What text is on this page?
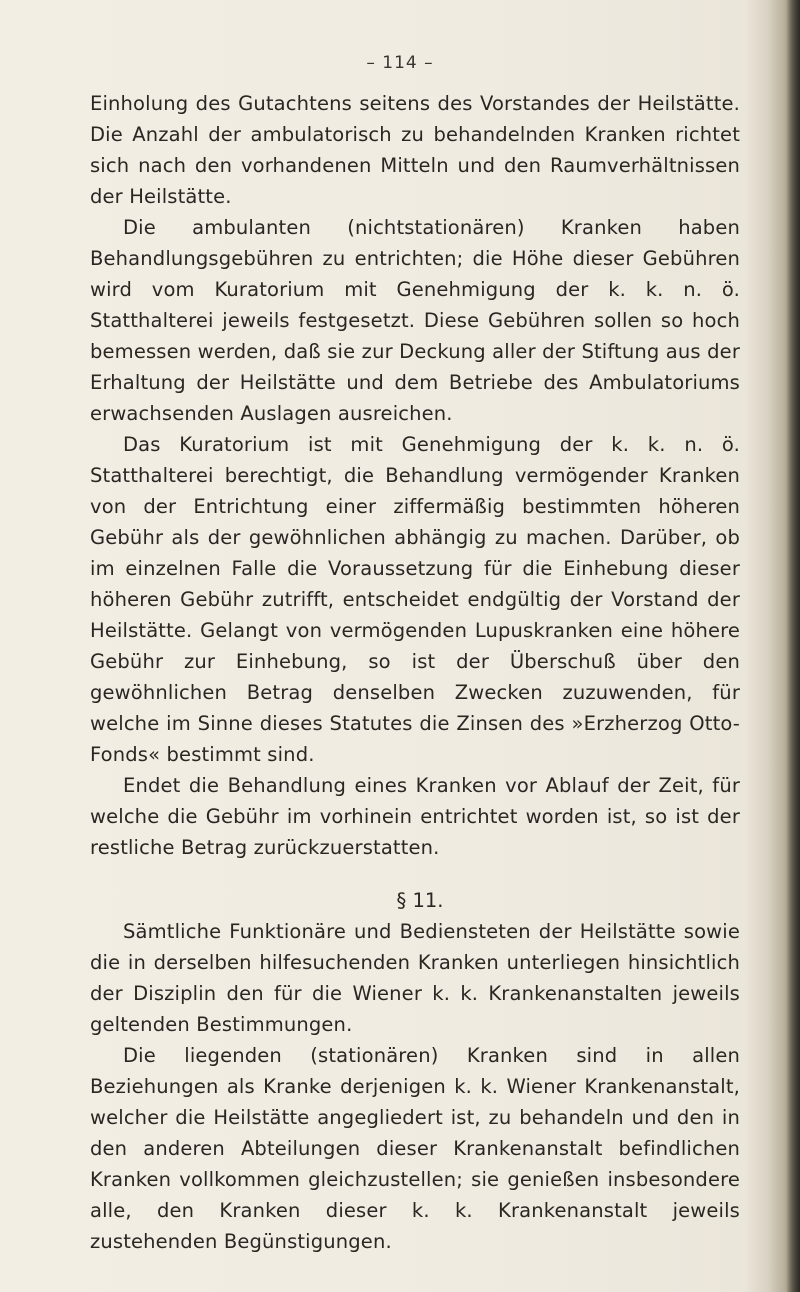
– 114 –

Einholung des Gutachtens seitens des Vorstandes der Heilstätte. Die Anzahl der ambulatorisch zu behandelnden Kranken richtet sich nach den vorhandenen Mitteln und den Raumverhältnissen der Heilstätte.

Die ambulanten (nichtstationären) Kranken haben Behandlungsgebühren zu entrichten; die Höhe dieser Gebühren wird vom Kuratorium mit Genehmigung der k. k. n. ö. Statthalterei jeweils festgesetzt. Diese Gebühren sollen so hoch bemessen werden, daß sie zur Deckung aller der Stiftung aus der Erhaltung der Heilstätte und dem Betriebe des Ambulatoriums erwachsenden Auslagen ausreichen.

Das Kuratorium ist mit Genehmigung der k. k. n. ö. Statthalterei berechtigt, die Behandlung vermögender Kranken von der Entrichtung einer ziffermäßig bestimmten höheren Gebühr als der gewöhnlichen abhängig zu machen. Darüber, ob im einzelnen Falle die Voraussetzung für die Einhebung dieser höheren Gebühr zutrifft, entscheidet endgültig der Vorstand der Heilstätte. Gelangt von vermögenden Lupuskranken eine höhere Gebühr zur Einhebung, so ist der Überschuß über den gewöhnlichen Betrag denselben Zwecken zuzuwenden, für welche im Sinne dieses Statutes die Zinsen des »Erzherzog Otto-Fonds« bestimmt sind.

Endet die Behandlung eines Kranken vor Ablauf der Zeit, für welche die Gebühr im vorhinein entrichtet worden ist, so ist der restliche Betrag zurückzuerstatten.

§ 11.

Sämtliche Funktionäre und Bediensteten der Heilstätte sowie die in derselben hilfesuchenden Kranken unterliegen hinsichtlich der Disziplin den für die Wiener k. k. Krankenanstalten jeweils geltenden Bestimmungen.

Die liegenden (stationären) Kranken sind in allen Beziehungen als Kranke derjenigen k. k. Wiener Krankenanstalt, welcher die Heilstätte angegliedert ist, zu behandeln und den in den anderen Abteilungen dieser Krankenanstalt befindlichen Kranken vollkommen gleichzustellen; sie genießen insbesondere alle, den Kranken dieser k. k. Krankenanstalt jeweils zustehenden Begünstigungen.
